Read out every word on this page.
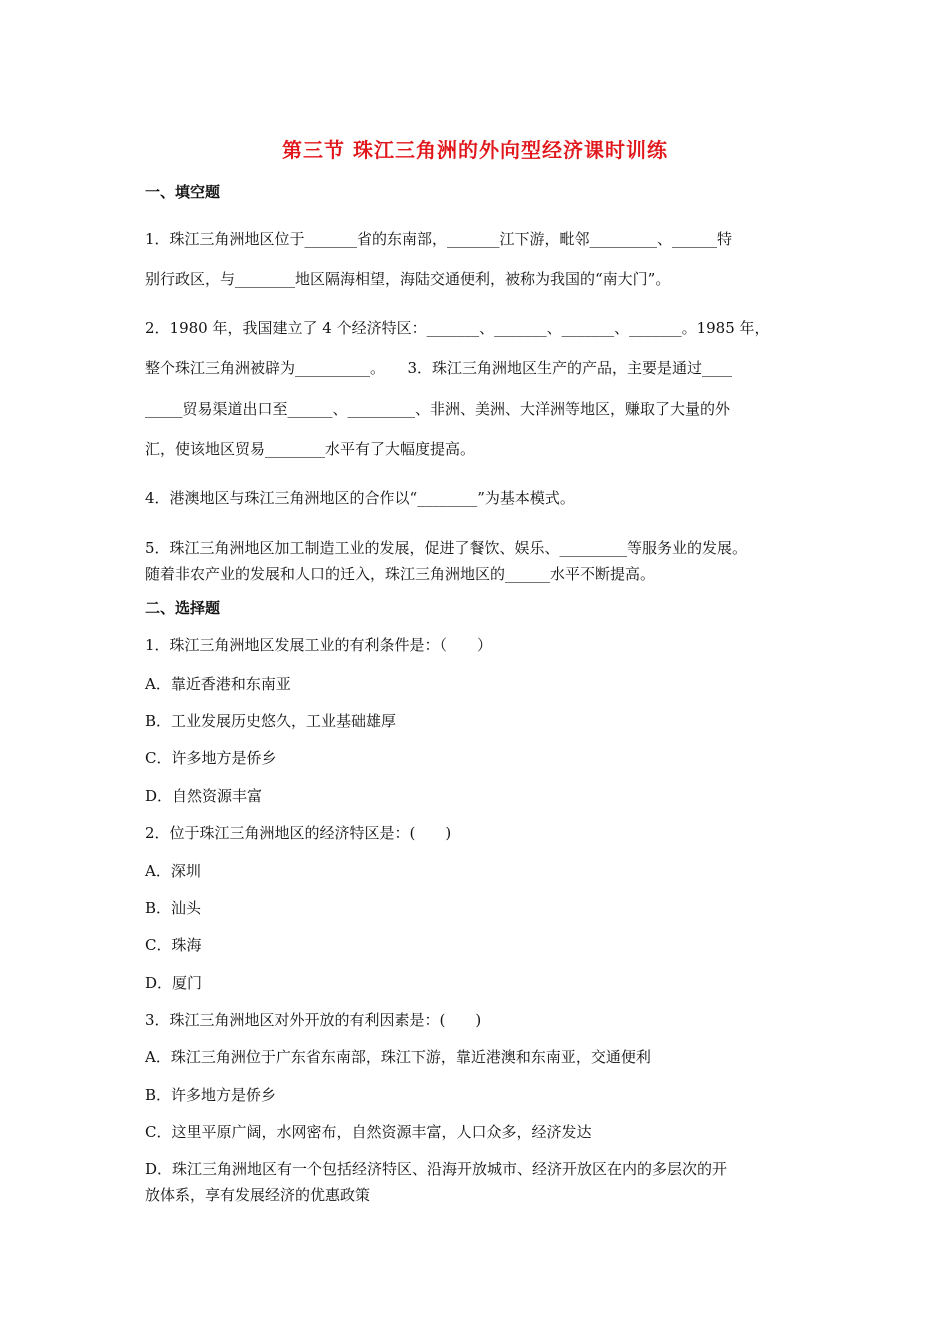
第三节 珠江三角洲的外向型经济课时训练
一、填空题
1．珠江三角洲地区位于_______省的东南部，_______江下游，毗邻_________、______特
别行政区，与________地区隔海相望，海陆交通便利，被称为我国的“南大门”。
2．1980 年，我国建立了 4 个经济特区：_______、_______、_______、_______。1985 年，
整个珠江三角洲被辟为__________。　　3．珠江三角洲地区生产的产品，主要是通过____
_____贸易渠道出口至______、_________、非洲、美洲、大洋洲等地区，赚取了大量的外
汇，使该地区贸易________水平有了大幅度提高。
4．港澳地区与珠江三角洲地区的合作以“________”为基本模式。
5．珠江三角洲地区加工制造工业的发展，促进了餐饮、娱乐、_________等服务业的发展。
随着非农产业的发展和人口的迁入，珠江三角洲地区的______水平不断提高。
二、选择题
1．珠江三角洲地区发展工业的有利条件是：（　　）
A．靠近香港和东南亚
B．工业发展历史悠久，工业基础雄厚
C．许多地方是侨乡
D．自然资源丰富
2．位于珠江三角洲地区的经济特区是：(　　)
A．深圳
B．汕头
C．珠海
D．厦门
3．珠江三角洲地区对外开放的有利因素是：(　　)
A．珠江三角洲位于广东省东南部，珠江下游，靠近港澳和东南亚，交通便利
B．许多地方是侨乡
C．这里平原广阔，水网密布，自然资源丰富，人口众多，经济发达
D．珠江三角洲地区有一个包括经济特区、沿海开放城市、经济开放区在内的多层次的开
放体系，享有发展经济的优惠政策
